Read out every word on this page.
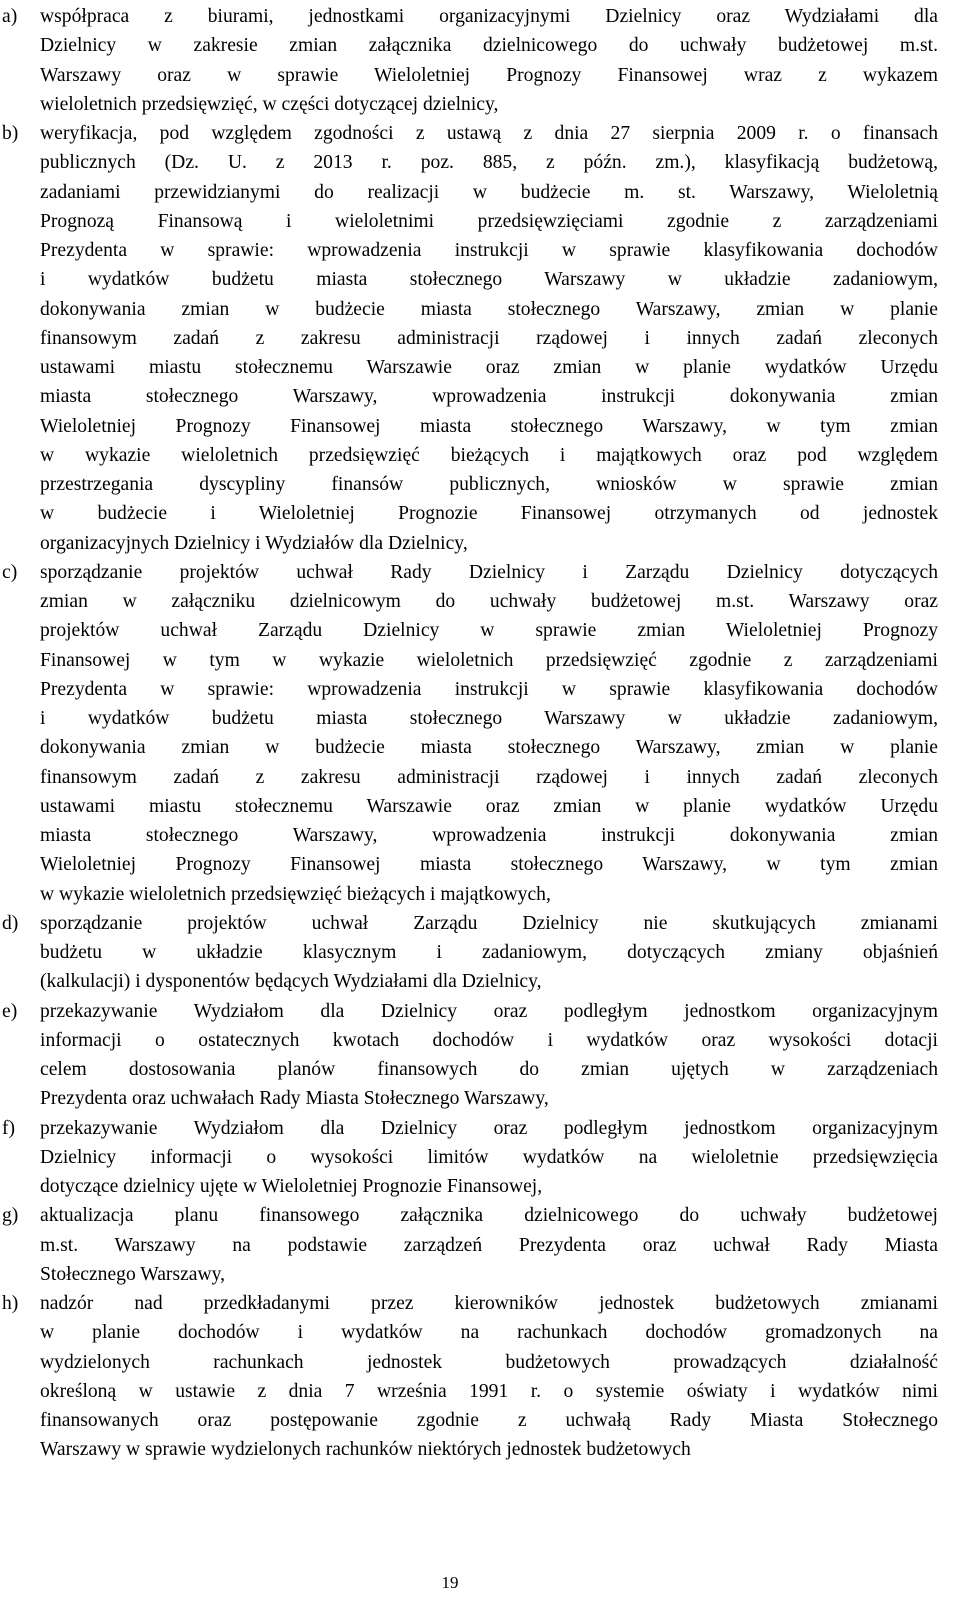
a)	współpraca z biurami, jednostkami organizacyjnymi Dzielnicy oraz Wydziałami dla
Dzielnicy w zakresie zmian załącznika dzielnicowego do uchwały budżetowej m.st.
Warszawy oraz w sprawie Wieloletniej Prognozy Finansowej wraz z wykazem
wieloletnich przedsięwzięć, w części dotyczącej dzielnicy,
b)	weryfikacja, pod względem zgodności z ustawą z dnia 27 sierpnia 2009 r. o finansach
publicznych (Dz. U. z 2013 r. poz. 885, z późn. zm.), klasyfikacją budżetową,
zadaniami przewidzianymi do realizacji w budżecie m. st. Warszawy, Wieloletnią
Prognozą Finansową i wieloletnimi przedsięwzięciami zgodnie z zarządzeniami
Prezydenta w sprawie: wprowadzenia instrukcji w sprawie klasyfikowania dochodów
i wydatków budżetu miasta stołecznego Warszawy w układzie zadaniowym,
dokonywania zmian w budżecie miasta stołecznego Warszawy, zmian w planie
finansowym zadań z zakresu administracji rządowej i innych zadań zleconych
ustawami miastu stołecznemu Warszawie oraz zmian w planie wydatków Urzędu
miasta stołecznego Warszawy, wprowadzenia instrukcji dokonywania zmian
Wieloletniej Prognozy Finansowej miasta stołecznego Warszawy, w tym zmian
w wykazie wieloletnich przedsięwzięć bieżących i majątkowych oraz pod względem
przestrzegania dyscypliny finansów publicznych, wniosków w sprawie zmian
w budżecie i Wieloletniej Prognozie Finansowej otrzymanych od jednostek
organizacyjnych Dzielnicy i Wydziałów dla Dzielnicy,
c)	sporządzanie projektów uchwał Rady Dzielnicy i Zarządu Dzielnicy dotyczących
zmian w załączniku dzielnicowym do uchwały budżetowej m.st. Warszawy oraz
projektów uchwał Zarządu Dzielnicy w sprawie zmian Wieloletniej Prognozy
Finansowej w tym w wykazie wieloletnich przedsięwzięć zgodnie z zarządzeniami
Prezydenta w sprawie: wprowadzenia instrukcji w sprawie klasyfikowania dochodów
i wydatków budżetu miasta stołecznego Warszawy w układzie zadaniowym,
dokonywania zmian w budżecie miasta stołecznego Warszawy, zmian w planie
finansowym zadań z zakresu administracji rządowej i innych zadań zleconych
ustawami miastu stołecznemu Warszawie oraz zmian w planie wydatków Urzędu
miasta stołecznego Warszawy, wprowadzenia instrukcji dokonywania zmian
Wieloletniej Prognozy Finansowej miasta stołecznego Warszawy, w tym zmian
w wykazie wieloletnich przedsięwzięć bieżących i majątkowych,
d)	sporządzanie projektów uchwał Zarządu Dzielnicy nie skutkujących zmianami
budżetu w układzie klasycznym i zadaniowym, dotyczących zmiany objaśnień
(kalkulacji) i dysponentów będących Wydziałami dla Dzielnicy,
e)	przekazywanie Wydziałom dla Dzielnicy oraz podległym jednostkom organizacyjnym
informacji o ostatecznych kwotach dochodów i wydatków oraz wysokości dotacji
celem dostosowania planów finansowych do zmian ujętych w zarządzeniach
Prezydenta oraz uchwałach Rady Miasta Stołecznego Warszawy,
f)	przekazywanie Wydziałom dla Dzielnicy oraz podległym jednostkom organizacyjnym
Dzielnicy informacji o wysokości limitów wydatków na wieloletnie przedsięwzięcia
dotyczące dzielnicy ujęte w Wieloletniej Prognozie Finansowej,
g)	aktualizacja planu finansowego załącznika dzielnicowego do uchwały budżetowej
m.st. Warszawy na podstawie zarządzeń Prezydenta oraz uchwał Rady Miasta
Stołecznego Warszawy,
h)	nadzór nad przedkładanymi przez kierowników jednostek budżetowych zmianami
w planie dochodów i wydatków na rachunkach dochodów gromadzonych na
wydzielonych rachunkach jednostek budżetowych prowadzących działalność
określoną w ustawie z dnia 7 września 1991 r. o systemie oświaty i wydatków nimi
finansowanych oraz postępowanie zgodnie z uchwałą Rady Miasta Stołecznego
Warszawy w sprawie wydzielonych rachunków niektórych jednostek budżetowych
19
